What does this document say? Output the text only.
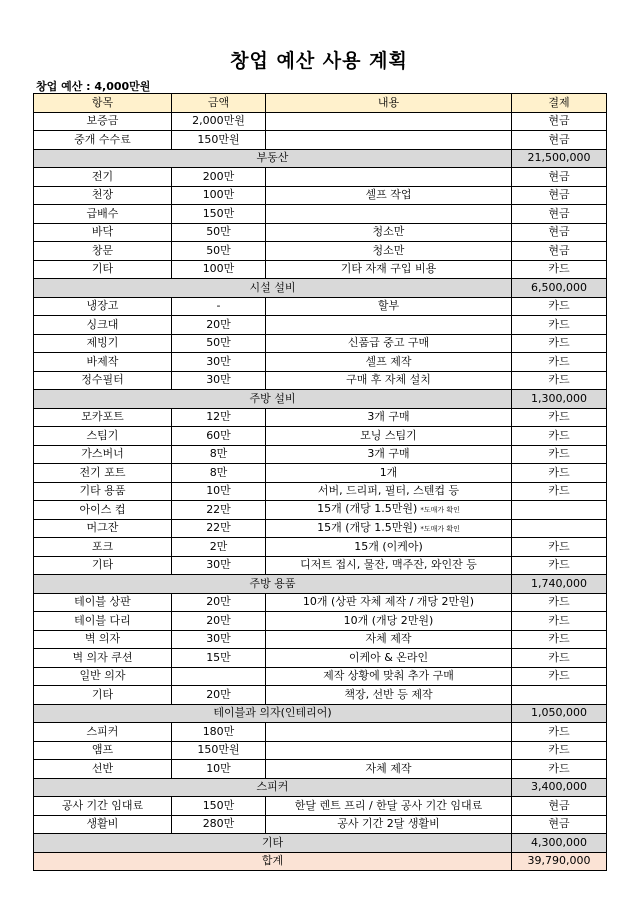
창업 예산 사용 계획
창업 예산 : 4,000만원
항목	금액	내용	결제
보증금	2,000만원		현금
중개 수수료	150만원		현금
부동산			21,500,000
전기	200만		현금
천장	100만	셀프 작업	현금
급배수	150만		현금
바닥	50만	청소만	현금
창문	50만	청소만	현금
기타	100만	기타 자재 구입 비용	카드
시설 설비			6,500,000
냉장고	-	할부	카드
싱크대	20만		카드
제빙기	50만	신품급 중고 구매	카드
바제작	30만	셀프 제작	카드
정수필터	30만	구매 후 자체 설치	카드
주방 설비			1,300,000
모카포트	12만	3개 구매	카드
스팀기	60만	모닝 스팀기	카드
가스버너	8만	3개 구매	카드
전기 포트	8만	1개	카드
기타 용품	10만	서버, 드리퍼, 필터, 스텐컵 등	카드
아이스 컵	22만	15개 (개당 1.5만원) *도매가 확인	
머그잔	22만	15개 (개당 1.5만원) *도매가 확인	
포크	2만	15개 (이케아)	카드
기타	30만	디저트 접시, 물잔, 맥주잔, 와인잔 등	카드
주방 용품			1,740,000
테이블 상판	20만	10개 (상판 자체 제작 / 개당 2만원)	카드
테이블 다리	20만	10개 (개당 2만원)	카드
벽 의자	30만	자체 제작	카드
벽 의자 쿠션	15만	이케아 & 온라인	카드
일반 의자		제작 상황에 맞춰 추가 구매	카드
기타	20만	책장, 선반 등 제작	
테이블과 의자(인테리어)			1,050,000
스피커	180만		카드
앰프	150만원		카드
선반	10만	자체 제작	카드
스피커			3,400,000
공사 기간 임대료	150만	한달 렌트 프리 / 한달 공사 기간 임대료	현금
생활비	280만	공사 기간 2달 생활비	현금
기타			4,300,000
합계			39,790,000
